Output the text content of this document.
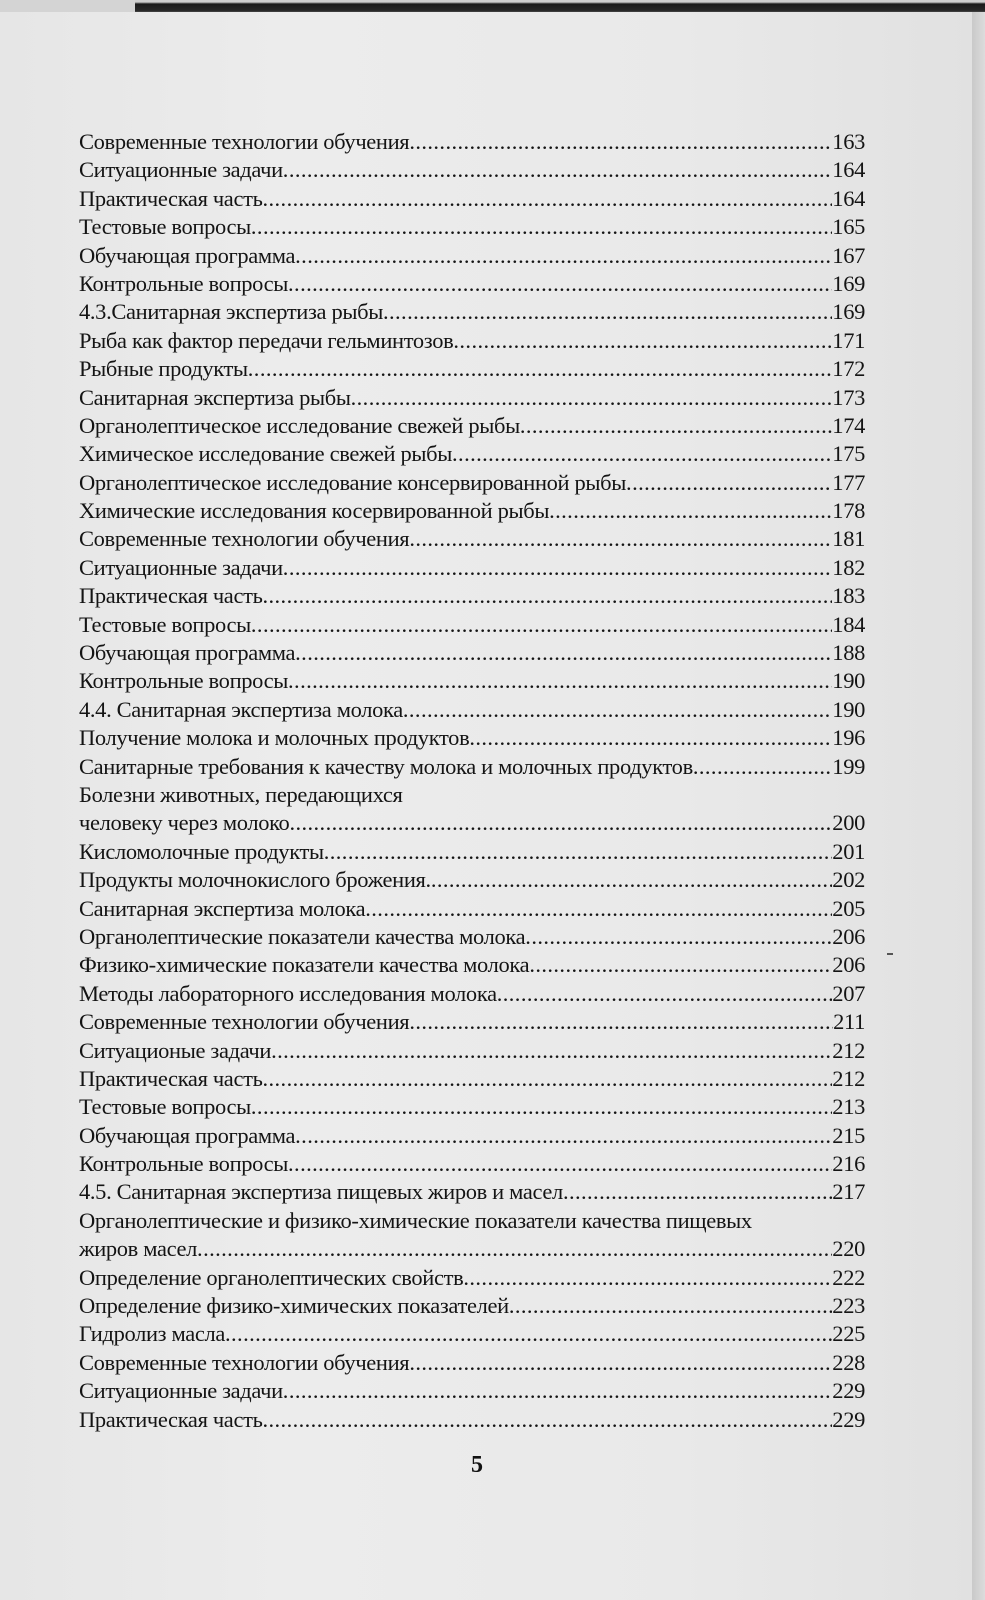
Современные технологии обучения .....	163
Ситуационные задачи .....	164
Практическая часть .....	164
Тестовые вопросы .....	165
Обучающая программа .....	167
Контрольные вопросы .....	169
4.3.Санитарная экспертиза рыбы .....	169
Рыба как фактор передачи гельминтозов .....	171
Рыбные продукты .....	172
Санитарная экспертиза рыбы .....	173
Органолептическое исследование свежей рыбы .....	174
Химическое исследование свежей рыбы .....	175
Органолептическое исследование консервированной рыбы .....	177
Химические исследования косервированной рыбы .....	178
Современные технологии обучения .....	181
Ситуационные задачи .....	182
Практическая часть .....	183
Тестовые вопросы .....	184
Обучающая программа .....	188
Контрольные вопросы .....	190
4.4. Санитарная экспертиза молока .....	190
Получение молока и молочных продуктов .....	196
Санитарные требования к качеству молока и молочных продуктов .....	199
Болезни животных, передающихся
человеку через молоко .....	200
Кисломолочные продукты .....	201
Продукты молочнокислого брожения. .....	202
Санитарная экспертиза молока .....	205
Органолептические показатели качества молока .....	206
Физико-химические показатели качества молока .....	206
Методы лабораторного исследования молока .....	207
Современные технологии обучения .....	211
Ситуационые задачи .....	212
Практическая часть .....	212
Тестовые вопросы .....	213
Обучающая программа .....	215
Контрольные вопросы .....	216
4.5. Санитарная экспертиза пищевых жиров и масел .....	217
Органолептические и физико-химические показатели качества пищевых
жиров масел .....	220
Определение органолептических свойств .....	222
Определение физико-химических показателей .....	223
Гидролиз масла .....	225
Современные технологии обучения .....	228
Ситуационные задачи .....	229
Практическая часть .....	229
5
